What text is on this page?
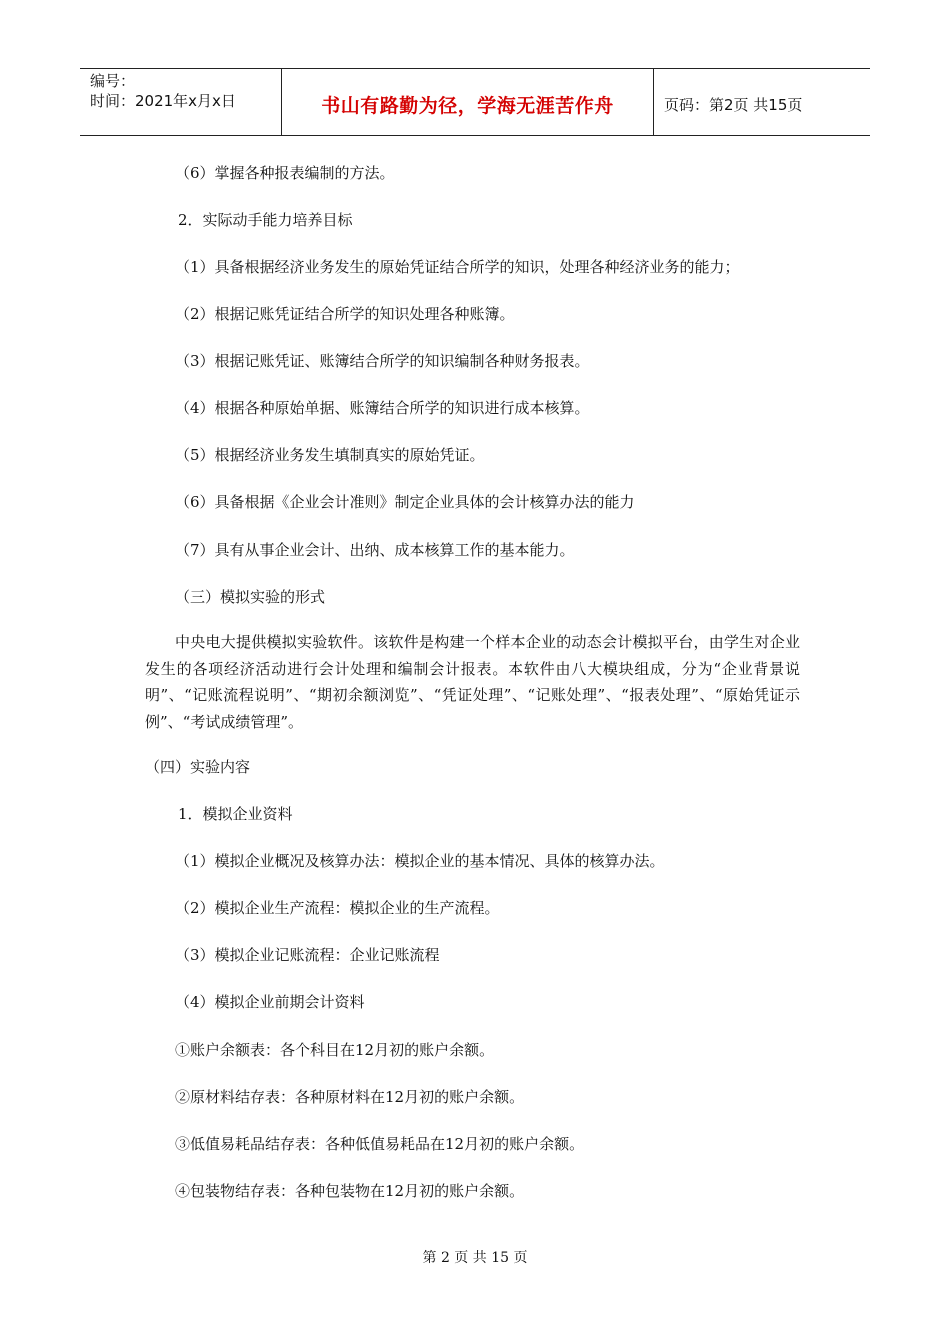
编号：
时间：2021年x月x日	书山有路勤为径，学海无涯苦作舟	页码：第2页 共15页
（6）掌握各种报表编制的方法。
2．实际动手能力培养目标
（1）具备根据经济业务发生的原始凭证结合所学的知识，处理各种经济业务的能力；
（2）根据记账凭证结合所学的知识处理各种账簿。
（3）根据记账凭证、账簿结合所学的知识编制各种财务报表。
（4）根据各种原始单据、账簿结合所学的知识进行成本核算。
（5）根据经济业务发生填制真实的原始凭证。
（6）具备根据《企业会计准则》制定企业具体的会计核算办法的能力
（7）具有从事企业会计、出纳、成本核算工作的基本能力。
（三）模拟实验的形式
中央电大提供模拟实验软件。该软件是构建一个样本企业的动态会计模拟平台，由学生对企业发生的各项经济活动进行会计处理和编制会计报表。本软件由八大模块组成，分为“企业背景说明”、“记账流程说明”、“期初余额浏览”、“凭证处理”、“记账处理”、“报表处理”、“原始凭证示例”、“考试成绩管理”。
（四）实验内容
1．模拟企业资料
（1）模拟企业概况及核算办法：模拟企业的基本情况、具体的核算办法。
（2）模拟企业生产流程：模拟企业的生产流程。
（3）模拟企业记账流程：企业记账流程
（4）模拟企业前期会计资料
①账户余额表：各个科目在12月初的账户余额。
②原材料结存表：各种原材料在12月初的账户余额。
③低值易耗品结存表：各种低值易耗品在12月初的账户余额。
④包装物结存表：各种包装物在12月初的账户余额。
第 2 页 共 15 页
